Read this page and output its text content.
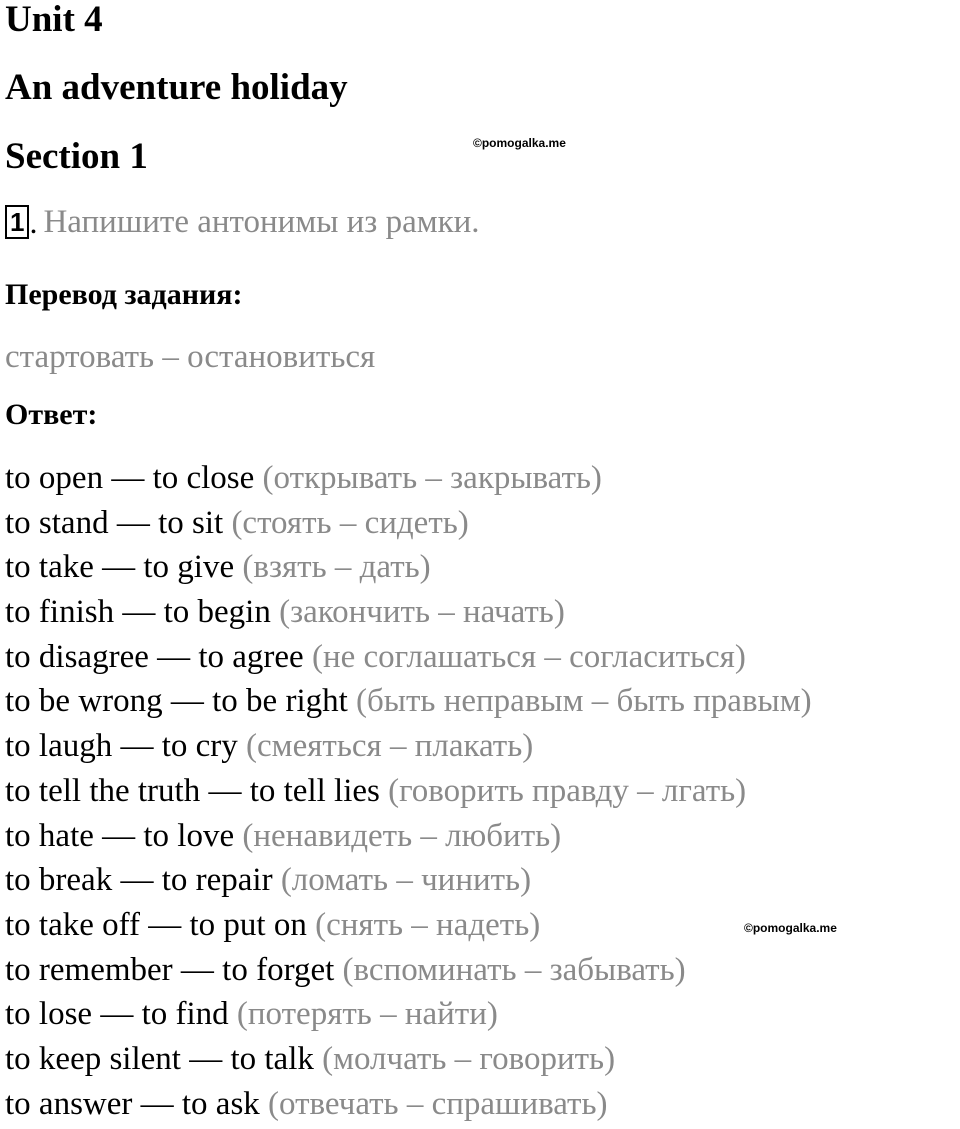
Unit 4
An adventure holiday
Section 1	©pomogalka.me
1 . Напишите антонимы из рамки.
Перевод задания:
стартовать – остановиться
Ответ:
to open — to close (открывать – закрывать)
to stand — to sit (стоять – сидеть)
to take — to give (взять – дать)
to finish — to begin (закончить – начать)
to disagree — to agree (не соглашаться – согласиться)
to be wrong — to be right (быть неправым – быть правым)
to laugh — to cry (смеяться – плакать)
to tell the truth — to tell lies (говорить правду – лгать)
to hate — to love (ненавидеть – любить)
to break — to repair (ломать – чинить)
to take off — to put on (снять – надеть)
to remember — to forget (вспоминать – забывать)
to lose — to find (потерять – найти)
to keep silent — to talk (молчать – говорить)
to answer — to ask (отвечать – спрашивать)
©pomogalka.me
